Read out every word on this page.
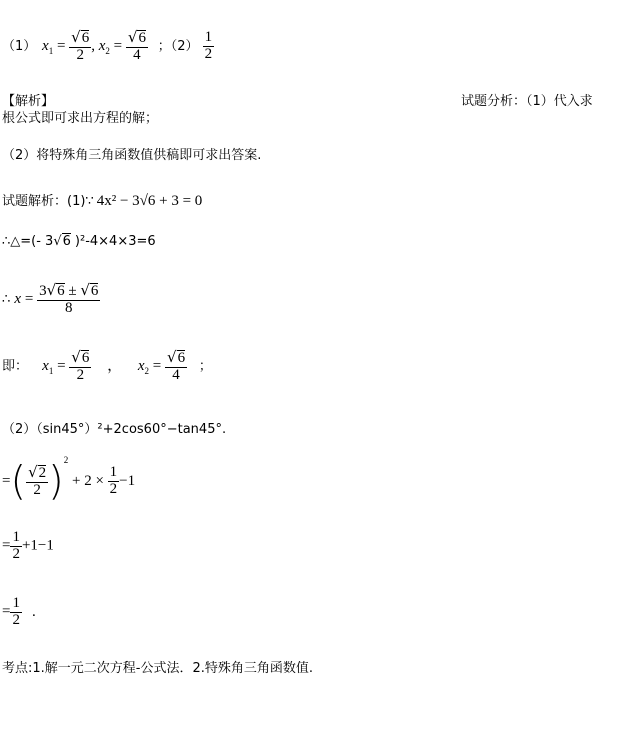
（1） $x_1 = \frac{√6}{2}$ , $x_2 = \frac{√6}{4}$ ；$(2) \frac{1}{2}$
【解析】	试题分析：（1）代入求
根公式即可求出方程的解；
（2）将特殊角三角函数值供稿即可求出答案.
试题解析：(1)∵ 4x² − 3√6 + 3 = 0
∴△=(- 3√6 )²-4×4×3=6
∴ $x = \frac{3√6 \pm √6}{8}$
即： $x_1 = \frac{√6}{2}$ ， $x_2 = \frac{√6}{4}$ ；
（2）（sin45°）²+2cos60°−tan45°.
=( $\frac{√2}{2} )^2 + 2 \times \frac{1}{2} -1$
= $\frac{1}{2} +1-1$
= $\frac{1}{2}$ .
考点:1.解一元二次方程-公式法．2.特殊角三角函数值.
